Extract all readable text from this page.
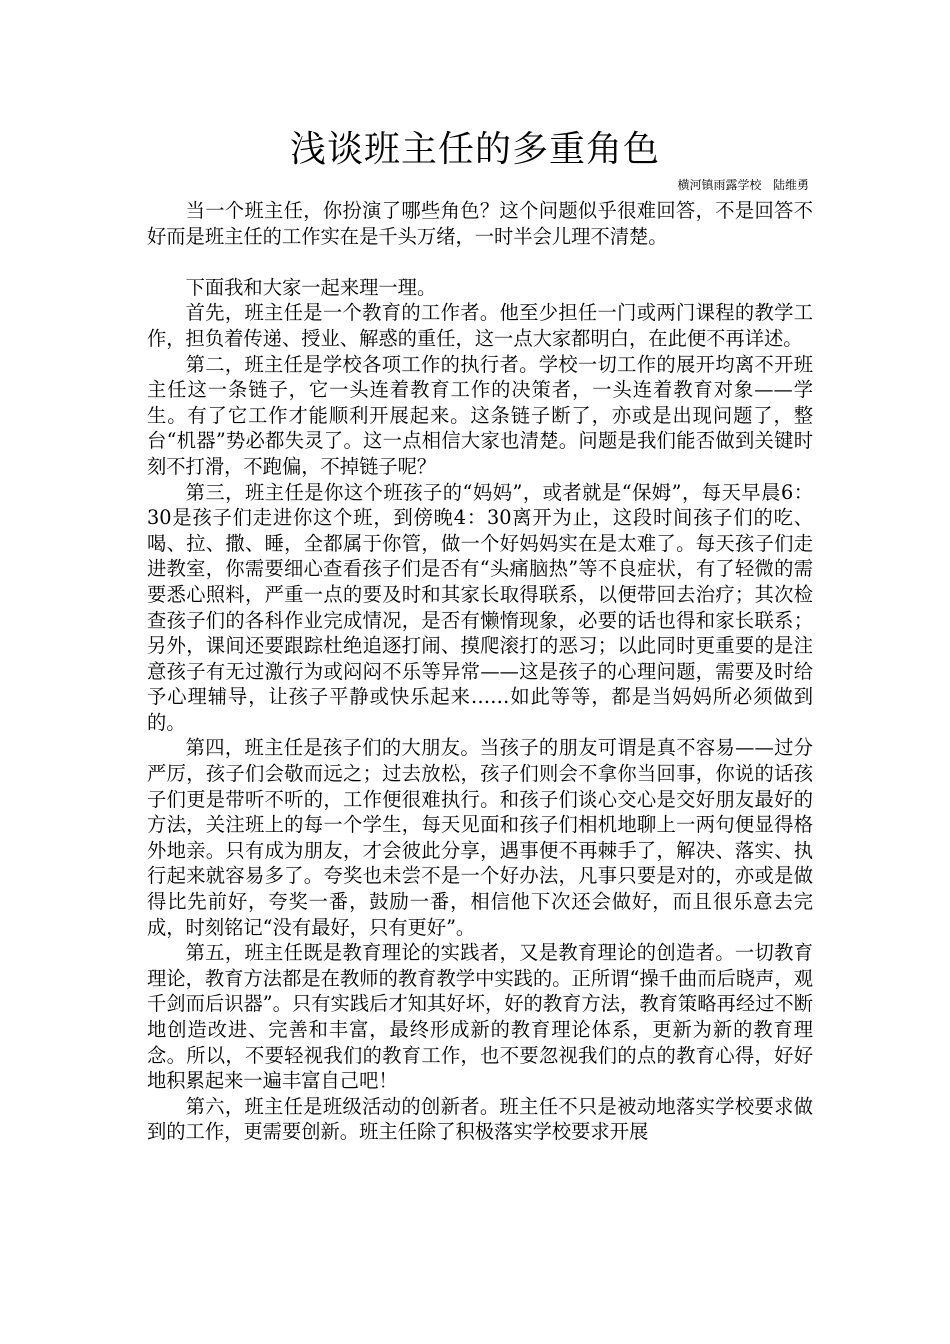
浅谈班主任的多重角色
横河镇雨露学校   陆维勇

当一个班主任，你扮演了哪些角色？这个问题似乎很难回答，不是回答不好而是班主任的工作实在是千头万绪，一时半会儿理不清楚。

下面我和大家一起来理一理。

首先，班主任是一个教育的工作者。他至少担任一门或两门课程的教学工作，担负着传递、授业、解惑的重任，这一点大家都明白，在此便不再详述。

第二，班主任是学校各项工作的执行者。学校一切工作的展开均离不开班主任这一条链子，它一头连着教育工作的决策者，一头连着教育对象——学生。有了它工作才能顺利开展起来。这条链子断了，亦或是出现问题了，整台“机器”势必都失灵了。这一点相信大家也清楚。问题是我们能否做到关键时刻不打滑，不跑偏，不掉链子呢？

第三，班主任是你这个班孩子的“妈妈”，或者就是“保姆”，每天早晨6：30是孩子们走进你这个班，到傍晚4：30离开为止，这段时间孩子们的吃、喝、拉、撒、睡，全都属于你管，做一个好妈妈实在是太难了。每天孩子们走进教室，你需要细心查看孩子们是否有“头痛脑热”等不良症状，有了轻微的需要悉心照料，严重一点的要及时和其家长取得联系，以便带回去治疗；其次检查孩子们的各科作业完成情况，是否有懒惰现象，必要的话也得和家长联系；另外，课间还要跟踪杜绝追逐打闹、摸爬滚打的恶习；以此同时更重要的是注意孩子有无过激行为或闷闷不乐等异常——这是孩子的心理问题，需要及时给予心理辅导，让孩子平静或快乐起来……如此等等，都是当妈妈所必须做到的。

第四，班主任是孩子们的大朋友。当孩子的朋友可谓是真不容易——过分严厉，孩子们会敬而远之；过去放松，孩子们则会不拿你当回事，你说的话孩子们更是带听不听的，工作便很难执行。和孩子们谈心交心是交好朋友最好的方法，关注班上的每一个学生，每天见面和孩子们相机地聊上一两句便显得格外地亲。只有成为朋友，才会彼此分享，遇事便不再棘手了，解决、落实、执行起来就容易多了。夸奖也未尝不是一个好办法，凡事只要是对的，亦或是做得比先前好，夸奖一番，鼓励一番，相信他下次还会做好，而且很乐意去完成，时刻铭记“没有最好，只有更好”。

第五，班主任既是教育理论的实践者，又是教育理论的创造者。一切教育理论，教育方法都是在教师的教育教学中实践的。正所谓“操千曲而后晓声，观千剑而后识器”。只有实践后才知其好坏，好的教育方法，教育策略再经过不断地创造改进、完善和丰富，最终形成新的教育理论体系，更新为新的教育理念。所以，不要轻视我们的教育工作，也不要忽视我们的点的教育心得，好好地积累起来一遍丰富自己吧！

第六，班主任是班级活动的创新者。班主任不只是被动地落实学校要求做到的工作，更需要创新。班主任除了积极落实学校要求开展
